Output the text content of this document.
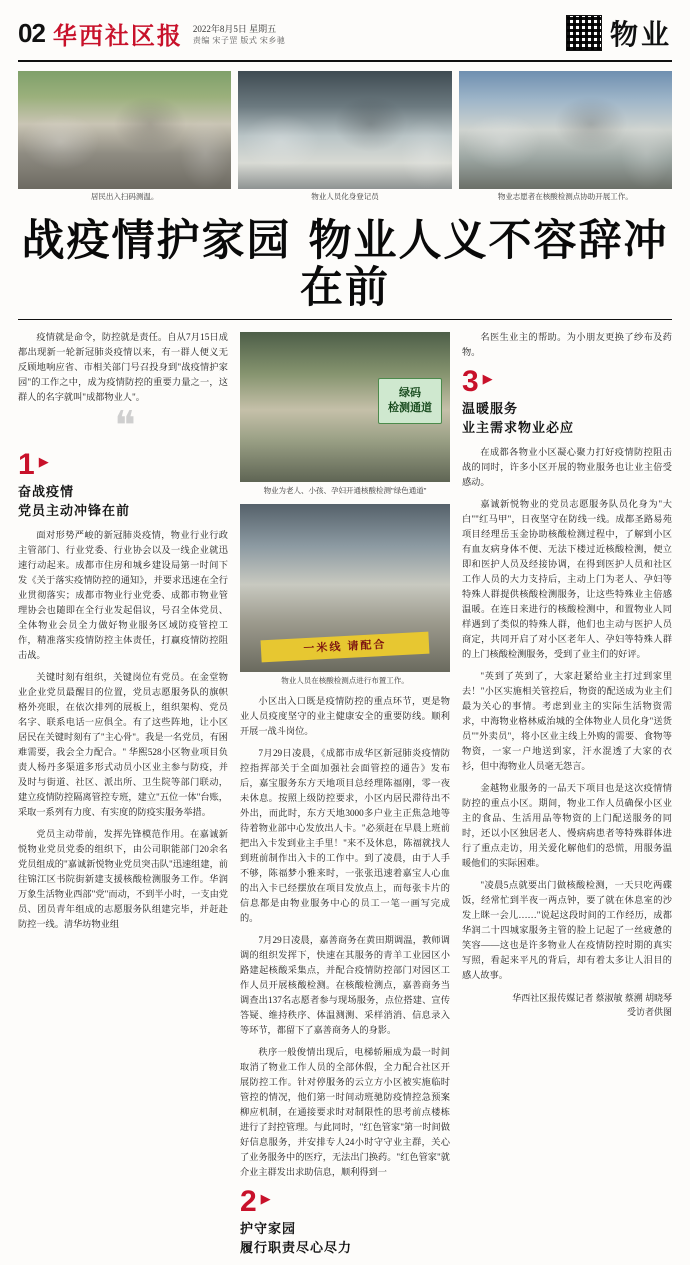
02 华西社区报	2022年8月5日 星期五
责编 宋子罡 版式 宋乡驰	物业
居民出入扫码测温。	物业人员化身登记员	物业志愿者在核酸检测点协助开展工作。
战疫情护家园 物业人义不容辞冲在前

疫情就是命令，防控就是责任。自从7月15日成都出现新一轮新冠肺炎疫情以来，有一群人便义无反顾地响应省、市相关部门号召投身到"战疫情护家园"的工作之中，成为疫情防控的重要力量之一，这群人的名字就叫"成都物业人"。

❝
1 ▶
奋战疫情
党员主动冲锋在前

面对形势严峻的新冠肺炎疫情，物业行业行政主管部门、行业党委、行业协会以及一线企业就迅速行动起来。成都市住房和城乡建设局第一时间下发《关于落实疫情防控的通知》，并要求迅速在全行业贯彻落实；成都市物业行业党委、成都市物业管理协会也随即在全行业发起倡议，号召全体党员、全体物业会员全力做好物业服务区域防疫管控工作，精准落实疫情防控主体责任，打赢疫情防控阻击战。

关键时刻有组织，关键岗位有党员。在金堂物业企业党员最醒目的位置，党员志愿服务队的旗帜格外亮眼，在依次排列的展板上，组织架构、党员名字、联系电话一应俱全。有了这些阵地，让小区居民在关键时刻有了"主心骨"。我是一名党员，有困难需要，我会全力配合。" 华熙528小区物业项目负责人杨丹多渠道多形式动员小区业主参与防疫，并及时与街道、社区、派出所、卫生院等部门联动，建立疫情防控隔离管控专班，建立"五位一体"台账，采取一系列有力度、有实度的防疫实服务举措。

党员主动带前，发挥先锋模范作用。在嘉诚新悦物业党员党委的组织下，由公司职能部门20余名党员组成的"嘉诚新悦物业党员突击队"迅速组建，前往锦江区书院街新建支援核酸检测服务工作。华润万象生活物业西部"党"而动，不到半小时，一支由党员、团员青年组成的志愿服务队组建完毕，并赶赴防控一线。清华坊物业组

绿码
检测通道
物业为老人、小孩、孕妇开通核酸检测"绿色通道"
一米线 请配合
物业人员在核酸检测点进行布置工作。

小区出入口既是疫情防控的重点环节，更是物业人员疫度坚守的业主健康安全的重要防线。顺利开展一战斗岗位。

7月29日凌晨，《成都市成华区新冠肺炎疫情防控指挥部关于全面加强社会面管控的通告》发布后，嘉宝服务东方天地项目总经理陈福刚，零一夜未休息。按照上级防控要求，小区内居民滞待出不外出，而此时，东方天地3000多户业主正焦急地等待着物业部中心发放出人卡。"必须赶在早晨上班前把出入卡发到业主手里！"来不及休息，陈福就找人到班前制作出入卡的工作中。到了凌晨，由于人手不够，陈福梦小雅来时，一张张迅速着嘉宝人心血的出入卡已经摆放在项目发放点上，而每张卡片的信息都是由物业服务中心的员工一笔一画写完成的。

7月29日凌晨，嘉善商务在黄田期调温，教师调调的组织发挥下，快速在其服务的青羊工业园区小路建起核酸采集点，并配合疫情防控部门对园区工作人员开展核酸检测。在核酸检测点，嘉善商务当调查出137名志愿者参与现场服务，点位搭建、宣传答疑、维持秩序、体温测测、采样消消、信息录入等环节，都留下了嘉善商务人的身影。

秩序一般俊情出现后，电梯轿厢成为最一时间取消了物业工作人员的全部休假，全力配合社区开展防控工作。针对停服务的云立方小区被实施临时管控的情况，他们第一时间动班驰防疫情控急预案柳应机制，在通接要求时对制限性的思考前点楼栋进行了封控管理。与此同时，"红色管家"第一时间做好信息服务，并安排专人24小时守守业主群，关心了业务服务中的医疗，无法出门换药。"红色管家"就介业主群发出求助信息，顺利得到一

2 ▶
护守家园
履行职责尽心尽力

名医生业主的帮助。为小朋友更换了纱布及药物。

3 ▶
温暖服务
业主需求物业必应

在成都各物业小区凝心聚力打好疫情防控阻击战的同时，许多小区开展的物业服务也让业主倍受感动。

嘉诚新悦物业的党员志愿服务队员化身为"大白""红马甲"，日夜坚守在防线一线。成都圣路易苑项目经理岳玉金协助核酸检测过程中，了解到小区有血友病身体不便、无法下楼过近核酸检测，便立即和医护人员及经接协调，在得到医护人员和社区工作人员的大力支持后，主动上门为老人、孕妇等特殊人群提供核酸检测服务，让这些特殊业主倍感温暖。在连日来进行的核酸检测中，和置物业人同样遇到了类似的特殊人群，他们也主动与医护人员商定，共同开启了对小区老年人、孕妇等特殊人群的上门核酸检测服务，受到了业主们的好评。

"英到了英到了，大家赶紧给业主打过到家里去！"小区实施相关管控后，物资的配送成为业主们最为关心的事情。考虑到业主的实际生活物资需求，中海物业格林威治城的全体物业人员化身"送货员""外卖员"，将小区业主线上外购的需要、食物等物资，一家一户地送到家，汗水混透了大家的衣衫，但中海物业人员毫无怨言。

金越物业服务的一品天下项目也是这次疫情情防控的重点小区。期间，物业工作人员确保小区业主的食品、生活用品等物资的上门配送服务的同时，还以小区独居老人、慢病病患者等特殊群体进行了重点走访，用关爱化解他们的恐慌，用服务温暖他们的实际困难。

"凌晨5点就要出门做核酸检测，一天只吃两碟饭，经常忙到半夜一两点钟，要了就在休息室的沙发上眯一会儿……"说起这段时间的工作经历，成都华润二十四城家服务主管的脸上记起了一丝疲惫的笑容——这也是许多物业人在疫情防控时期的真实写照，看起来平凡的背后，却有着太多让人泪目的感人故事。

华西社区报传媒记者 蔡淑敏 蔡溯 胡晓琴
受访者供图
